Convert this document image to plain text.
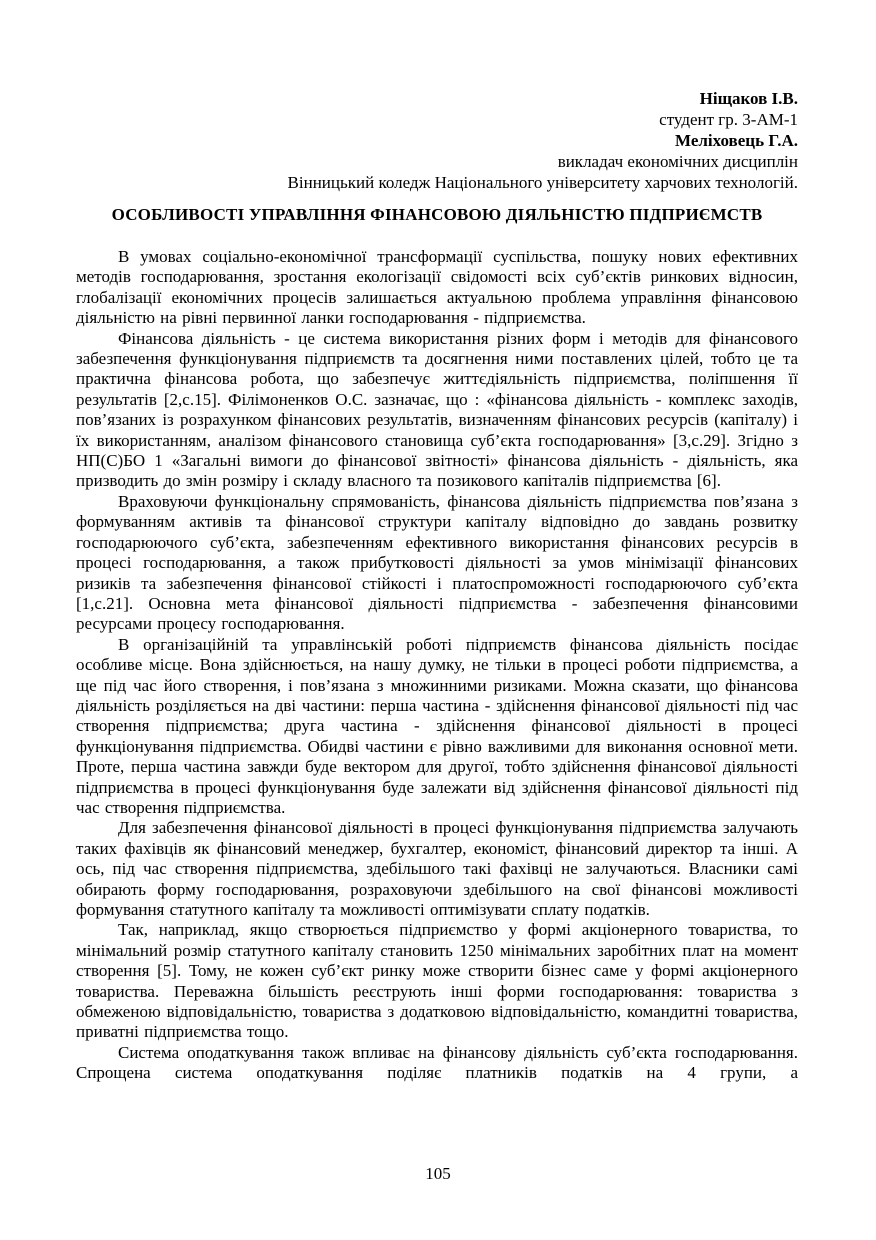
Ніщаков І.В.
студент гр. 3-АМ-1
Меліховець Г.А.
викладач економічних дисциплін
Вінницький коледж Національного університету харчових технологій.
ОСОБЛИВОСТІ УПРАВЛІННЯ ФІНАНСОВОЮ ДІЯЛЬНІСТЮ ПІДПРИЄМСТВ

В умовах соціально-економічної трансформації суспільства, пошуку нових ефективних методів господарювання, зростання екологізації свідомості всіх суб’єктів ринкових відносин, глобалізації економічних процесів залишається актуальною проблема управління фінансовою діяльністю на рівні первинної ланки господарювання - підприємства.

Фінансова діяльність - це система використання різних форм і методів для фінансового забезпечення функціонування підприємств та досягнення ними поставлених цілей, тобто це та практична фінансова робота, що забезпечує життєдіяльність підприємства, поліпшення її результатів [2,с.15]. Філімоненков О.С. зазначає, що : «фінансова діяльність - комплекс заходів, пов’язаних із розрахунком фінансових результатів, визначенням фінансових ресурсів (капіталу) і їх використанням, аналізом фінансового становища суб’єкта господарювання» [3,с.29]. Згідно з НП(С)БО 1 «Загальні вимоги до фінансової звітності» фінансова діяльність - діяльність, яка призводить до змін розміру і складу власного та позикового капіталів підприємства [6].

Враховуючи функціональну спрямованість, фінансова діяльність підприємства пов’язана з формуванням активів та фінансової структури капіталу відповідно до завдань розвитку господарюючого суб’єкта, забезпеченням ефективного використання фінансових ресурсів в процесі господарювання, а також прибутковості діяльності за умов мінімізації фінансових ризиків та забезпечення фінансової стійкості і платоспроможності господарюючого суб’єкта [1,с.21]. Основна мета фінансової діяльності підприємства - забезпечення фінансовими ресурсами процесу господарювання.

В організаційній та управлінській роботі підприємств фінансова діяльність посідає особливе місце. Вона здійснюється, на нашу думку, не тільки в процесі роботи підприємства, а ще під час його створення, і пов’язана з множинними ризиками. Можна сказати, що фінансова діяльність розділяється на дві частини: перша частина - здійснення фінансової діяльності під час створення підприємства; друга частина - здійснення фінансової діяльності в процесі функціонування підприємства. Обидві частини є рівно важливими для виконання основної мети. Проте, перша частина завжди буде вектором для другої, тобто здійснення фінансової діяльності підприємства в процесі функціонування буде залежати від здійснення фінансової діяльності під час створення підприємства.

Для забезпечення фінансової діяльності в процесі функціонування підприємства залучають таких фахівців як фінансовий менеджер, бухгалтер, економіст, фінансовий директор та інші. А ось, під час створення підприємства, здебільшого такі фахівці не залучаються. Власники самі обирають форму господарювання, розраховуючи здебільшого на свої фінансові можливості формування статутного капіталу та можливості оптимізувати сплату податків.

Так, наприклад, якщо створюється підприємство у формі акціонерного товариства, то мінімальний розмір статутного капіталу становить 1250 мінімальних заробітних плат на момент створення [5]. Тому, не кожен суб’єкт ринку може створити бізнес саме у формі акціонерного товариства. Переважна більшість реєструють інші форми господарювання: товариства з обмеженою відповідальністю, товариства з додатковою відповідальністю, командитні товариства, приватні підприємства тощо.

Система оподаткування також впливає на фінансову діяльність суб’єкта господарювання. Спрощена система оподаткування поділяє платників податків на 4 групи, а

105
